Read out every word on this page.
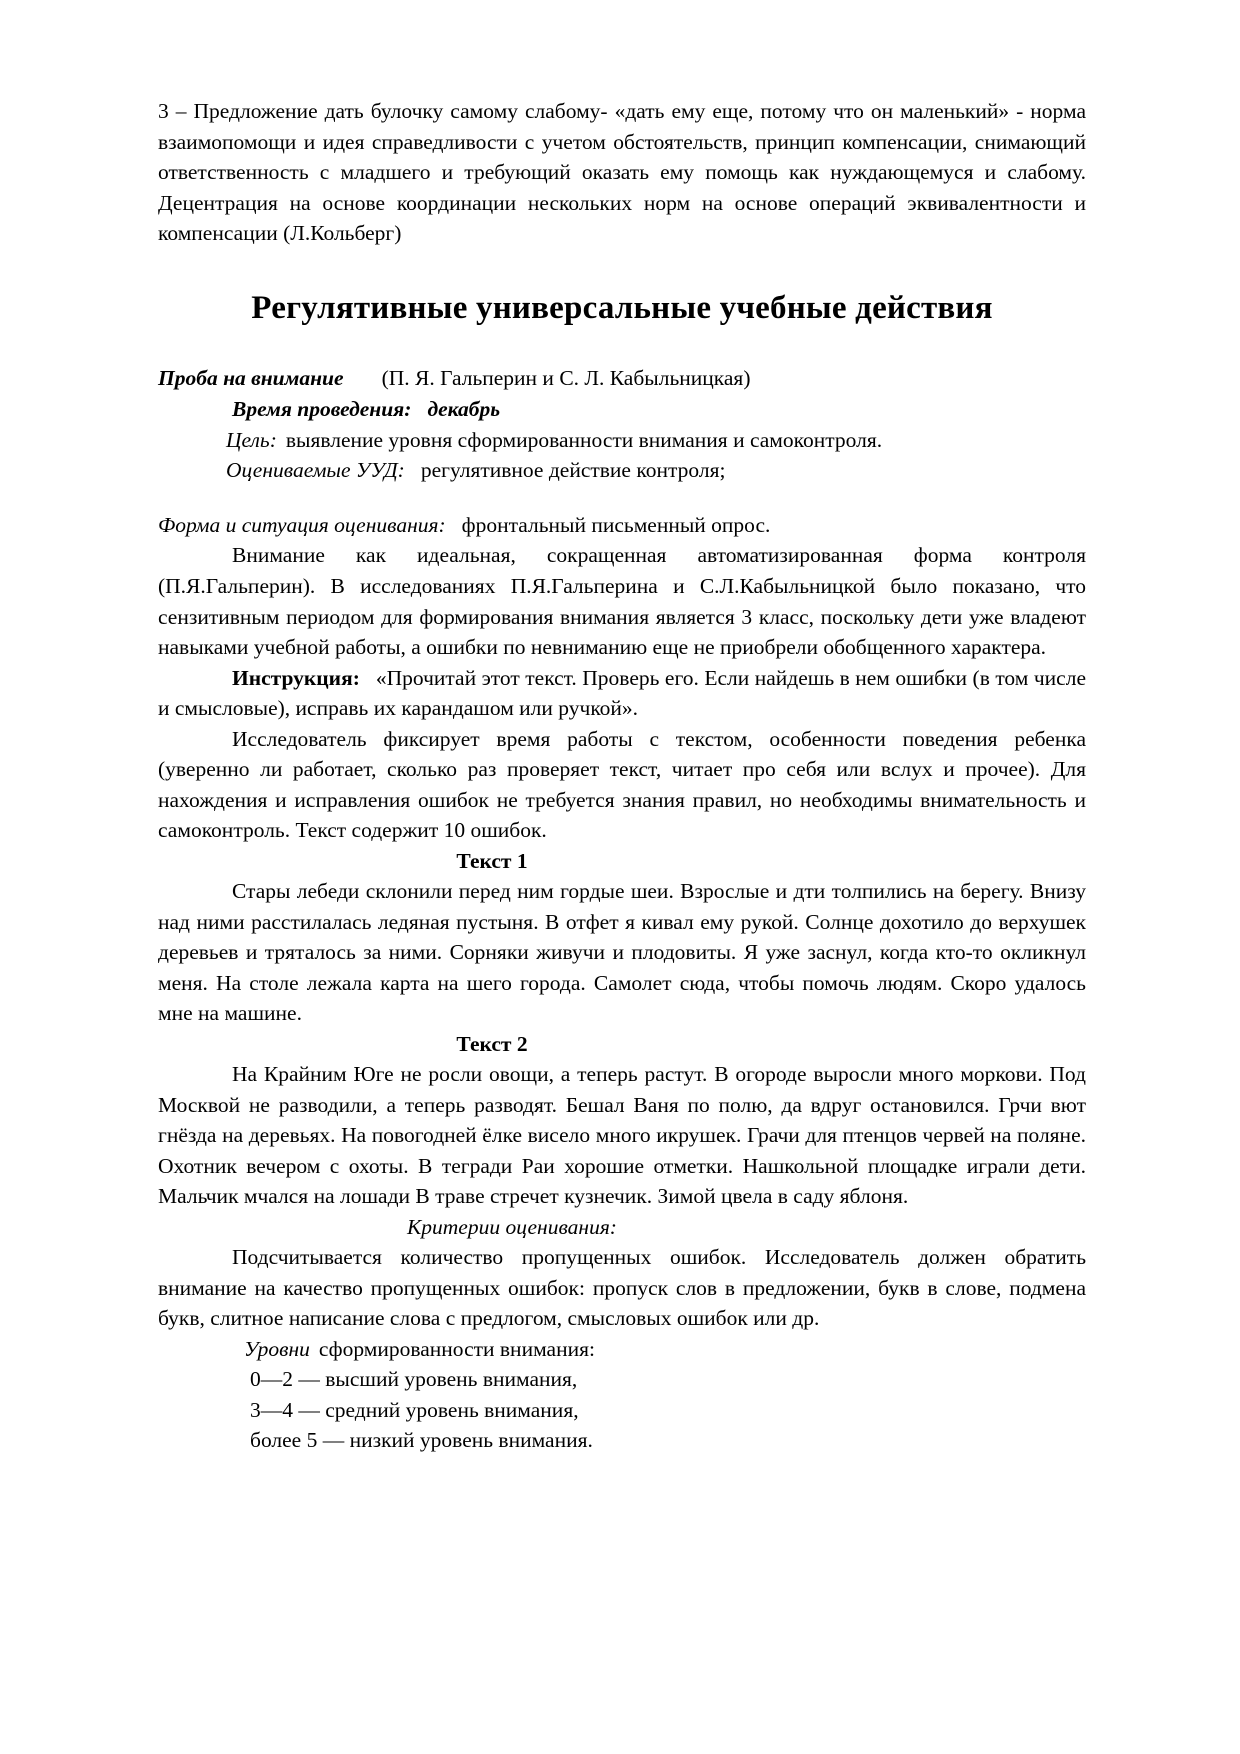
3 – Предложение дать булочку самому слабому- «дать ему еще, потому что он маленький» - норма взаимопомощи и идея справедливости с учетом обстоятельств, принцип компенсации, снимающий ответственность с младшего и требующий оказать ему помощь как нуждающемуся и слабому. Децентрация на основе координации нескольких норм на основе операций эквивалентности и компенсации (Л.Кольберг)

Регулятивные универсальные учебные действия
Проба на внимание (П. Я. Гальперин и С. Л. Кабыльницкая)
Время проведения: декабрь
Цель: выявление уровня сформированности внимания и самоконтроля.
Оцениваемые УУД: регулятивное действие контроля;
Форма и ситуация оценивания: фронтальный письменный опрос.

Внимание как идеальная, сокращенная автоматизированная форма контроля (П.Я.Гальперин). В исследованиях П.Я.Гальперина и С.Л.Кабыльницкой было показано, что сензитивным периодом для формирования внимания является 3 класс, поскольку дети уже владеют навыками учебной работы, а ошибки по невниманию еще не приобрели обобщенного характера.

Инструкция: «Прочитай этот текст. Проверь его. Если найдешь в нем ошибки (в том числе и смысловые), исправь их карандашом или ручкой».

Исследователь фиксирует время работы с текстом, особенности поведения ребенка (уверенно ли работает, сколько раз проверяет текст, читает про себя или вслух и прочее). Для нахождения и исправления ошибок не требуется знания правил, но необходимы внимательность и самоконтроль. Текст содержит 10 ошибок.

Текст 1

Стары лебеди склонили перед ним гордые шеи. Взрослые и дти толпились на берегу. Внизу над ними расстилалась ледяная пустыня. В отфет я кивал ему рукой. Солнце дохотило до верхушек деревьев и тряталось за ними. Сорняки живучи и плодовиты. Я уже заснул, когда кто-то окликнул меня. На столе лежала карта на шего города. Самолет сюда, чтобы помочь людям. Скоро удалось мне на машине.

Текст 2

На Крайним Юге не росли овощи, а теперь растут. В огороде выросли много моркови. Под Москвой не разводили, а теперь разводят. Бешал Ваня по полю, да вдруг остановился. Грчи вют гнёзда на деревьях. На повогодней ёлке висело много икрушек. Грачи для птенцов червей на поляне. Охотник вечером с охоты. В тегради Раи хорошие отметки. Нашкольной площадке играли дети. Мальчик мчался на лошади В траве стречет кузнечик. Зимой цвела в саду яблоня.

Критерии оценивания:

Подсчитывается количество пропущенных ошибок. Исследователь должен обратить внимание на качество пропущенных ошибок: пропуск слов в предложении, букв в слове, подмена букв, слитное написание слова с предлогом, смысловых ошибок или др.

Уровни сформированности внимания:
0—2 — высший уровень внимания,
3—4 — средний уровень внимания,
более 5 — низкий уровень внимания.
